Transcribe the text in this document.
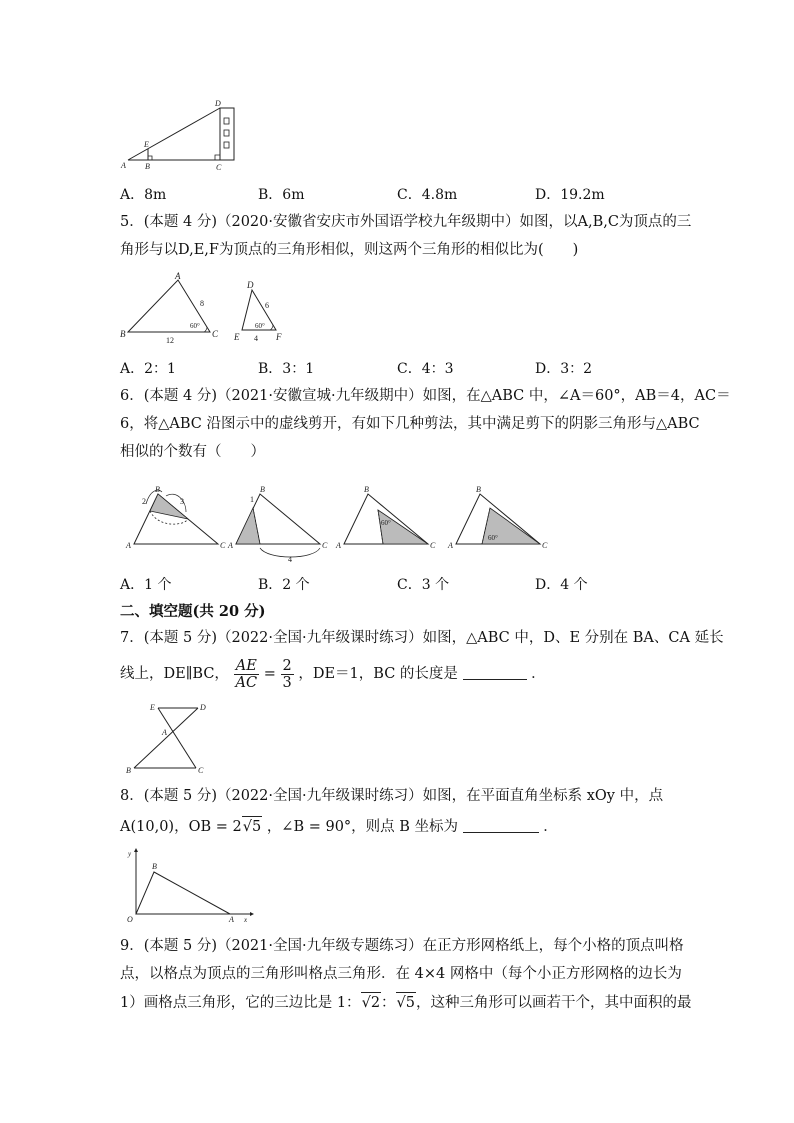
D
E
A B	C
A．8m	B．6m	C．4.8m	D．19.2m
5．(本题 4 分)（2020·安徽省安庆市外国语学校九年级期中）如图，以A,B,C为顶点的三
角形与以D,E,F为顶点的三角形相似，则这两个三角形的相似比为(　　)
A
B	C
8
12
60°
D
E	F
6
4
60°
A．2：1	B．3：1	C．4：3	D．3：2
6．(本题 4 分)（2021·安徽宣城·九年级期中）如图，在△ABC 中，∠A＝60°，AB＝4，AC＝
6，将△ABC 沿图示中的虚线剪开，有如下几种剪法，其中满足剪下的阴影三角形与△ABC
相似的个数有（　　）
B
2	3
A	C
1
B
A	C
4
B
60°
A	C
B
60°
A	C
A．1 个	B．2 个	C．3 个	D．4 个
二、填空题(共 20 分)
7．(本题 5 分)（2022·全国·九年级课时练习）如图，△ABC 中，D、E 分别在 BA、CA 延长
线上，DE∥BC， $\frac{AE}{AC} = \frac{2}{3}$ ，DE＝1，BC 的长度是	．
E	D
A
B	C
8．(本题 5 分)（2022·全国·九年级课时练习）如图，在平面直角坐标系 xOy 中，点
A(10,0)，OB = 2√5 ，∠B = 90°，则点 B 坐标为	．
y
B
O	A x
9．(本题 5 分)（2021·全国·九年级专题练习）在正方形网格纸上，每个小格的顶点叫格
点，以格点为顶点的三角形叫格点三角形．在 4×4 网格中（每个小正方形网格的边长为
1）画格点三角形，它的三边比是 1：√2：√5，这种三角形可以画若干个，其中面积的最
